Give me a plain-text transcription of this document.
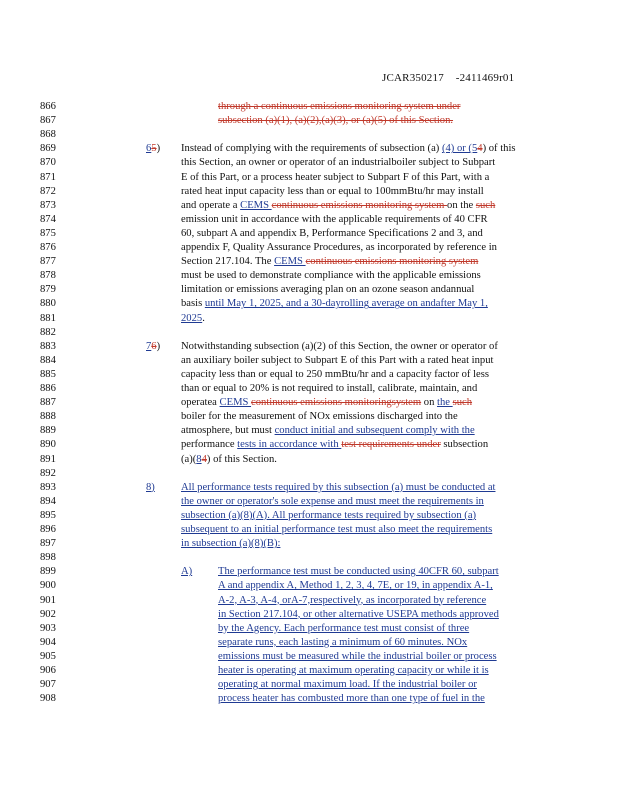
JCAR350217 -2411469r01
866	through a continuous emissions monitoring system under
867	subsection (a)(1), (a)(2),(a)(3), or (a)(5) of this Section.
868
869	65) Instead of complying with the requirements of subsection (a) (4) or (54) of this
870	this Section, an owner or operator of an industrialboiler subject to Subpart
871	E of this Part, or a process heater subject to Subpart F of this Part, with a
872	rated heat input capacity less than or equal to 100mmBtu/hr may install
873	and operate a CEMS continuous emissions monitoring system on the such
874	emission unit in accordance with the applicable requirements of 40 CFR
875	60, subpart A and appendix B, Performance Specifications 2 and 3, and
876	appendix F, Quality Assurance Procedures, as incorporated by reference in
877	Section 217.104. The CEMS continuous emissions monitoring system
878	must be used to demonstrate compliance with the applicable emissions
879	limitation or emissions averaging plan on an ozone season andannual
880	basis until May 1, 2025, and a 30-dayrolling average on andafter May 1,
881	2025.
882
883	76) Notwithstanding subsection (a)(2) of this Section, the owner or operator of
884	an auxiliary boiler subject to Subpart E of this Part with a rated heat input
885	capacity less than or equal to 250 mmBtu/hr and a capacity factor of less
886	than or equal to 20% is not required to install, calibrate, maintain, and
887	operatea CEMS continuous emissions monitoringsystem on the such
888	boiler for the measurement of NOx emissions discharged into the
889	atmosphere, but must conduct initial and subsequent comply with the
890	performance tests in accordance with test requirements under subsection
891	(a)(84) of this Section.
892
893	8) All performance tests required by this subsection (a) must be conducted at
894	the owner or operator's sole expense and must meet the requirements in
895	subsection (a)(8)(A). All performance tests required by subsection (a)
896	subsequent to an initial performance test must also meet the requirements
897	in subsection (a)(8)(B):
898
899	A) The performance test must be conducted using 40CFR 60, subpart
900	A and appendix A, Method 1, 2, 3, 4, 7E, or 19, in appendix A-1,
901	A-2, A-3, A-4, orA-7,respectively, as incorporated by reference
902	in Section 217.104, or other alternative USEPA methods approved
903	by the Agency. Each performance test must consist of three
904	separate runs, each lasting a minimum of 60 minutes. NOx
905	emissions must be measured while the industrial boiler or process
906	heater is operating at maximum operating capacity or while it is
907	operating at normal maximum load. If the industrial boiler or
908	process heater has combusted more than one type of fuel in the
